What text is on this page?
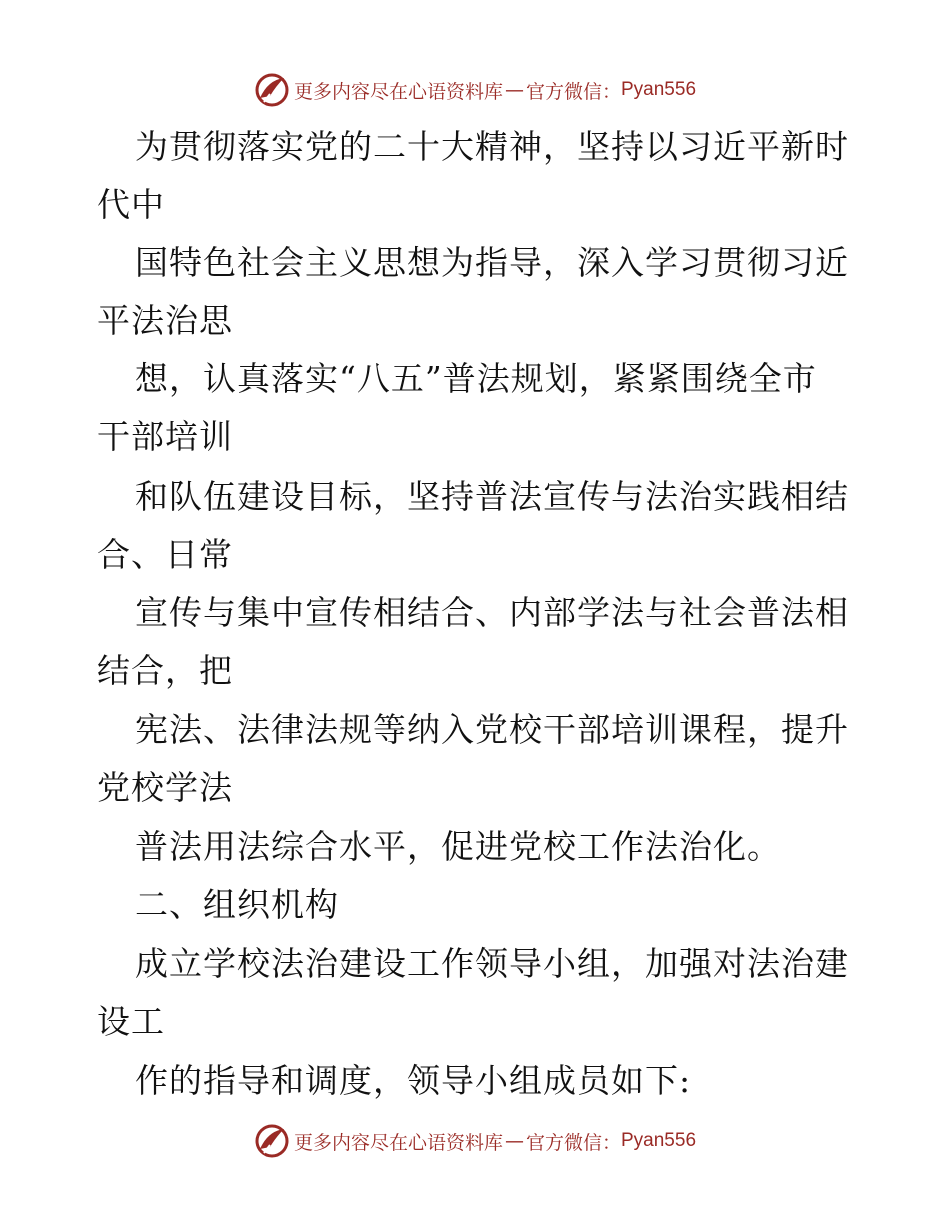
更多内容尽在心语资料库 — 官方微信： Pyan556
为贯彻落实党的二十大精神，坚持以习近平新时
代中
国特色社会主义思想为指导，深入学习贯彻习近
平法治思
想，认真落实“八五”普法规划，紧紧围绕全市
干部培训
和队伍建设目标，坚持普法宣传与法治实践相结
合、日常
宣传与集中宣传相结合、内部学法与社会普法相
结合，把
宪法、法律法规等纳入党校干部培训课程，提升
党校学法
普法用法综合水平，促进党校工作法治化。
二、组织机构
成立学校法治建设工作领导小组，加强对法治建
设工
作的指导和调度，领导小组成员如下:
更多内容尽在心语资料库 — 官方微信： Pyan556
